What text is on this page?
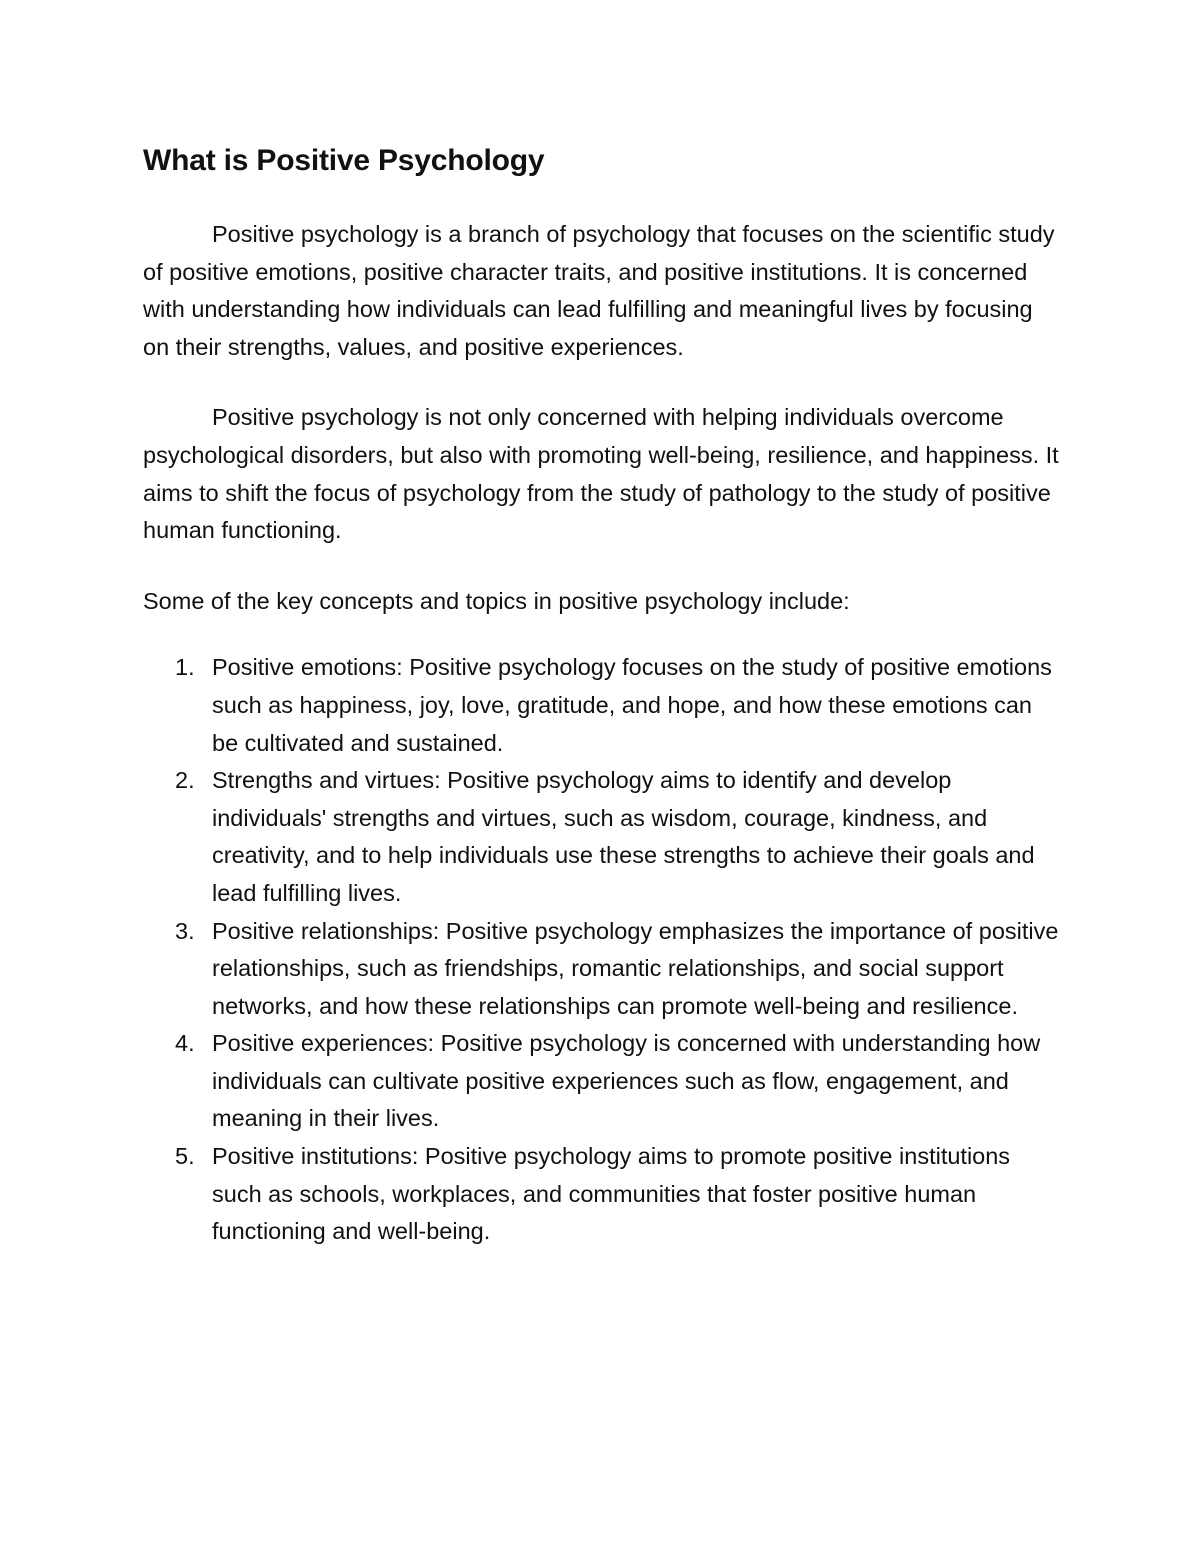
What is Positive Psychology

Positive psychology is a branch of psychology that focuses on the scientific study of positive emotions, positive character traits, and positive institutions. It is concerned with understanding how individuals can lead fulfilling and meaningful lives by focusing on their strengths, values, and positive experiences.

Positive psychology is not only concerned with helping individuals overcome psychological disorders, but also with promoting well-being, resilience, and happiness. It aims to shift the focus of psychology from the study of pathology to the study of positive human functioning.

Some of the key concepts and topics in positive psychology include:

1. Positive emotions: Positive psychology focuses on the study of positive emotions such as happiness, joy, love, gratitude, and hope, and how these emotions can be cultivated and sustained.
2. Strengths and virtues: Positive psychology aims to identify and develop individuals' strengths and virtues, such as wisdom, courage, kindness, and creativity, and to help individuals use these strengths to achieve their goals and lead fulfilling lives.
3. Positive relationships: Positive psychology emphasizes the importance of positive relationships, such as friendships, romantic relationships, and social support networks, and how these relationships can promote well-being and resilience.
4. Positive experiences: Positive psychology is concerned with understanding how individuals can cultivate positive experiences such as flow, engagement, and meaning in their lives.
5. Positive institutions: Positive psychology aims to promote positive institutions such as schools, workplaces, and communities that foster positive human functioning and well-being.
